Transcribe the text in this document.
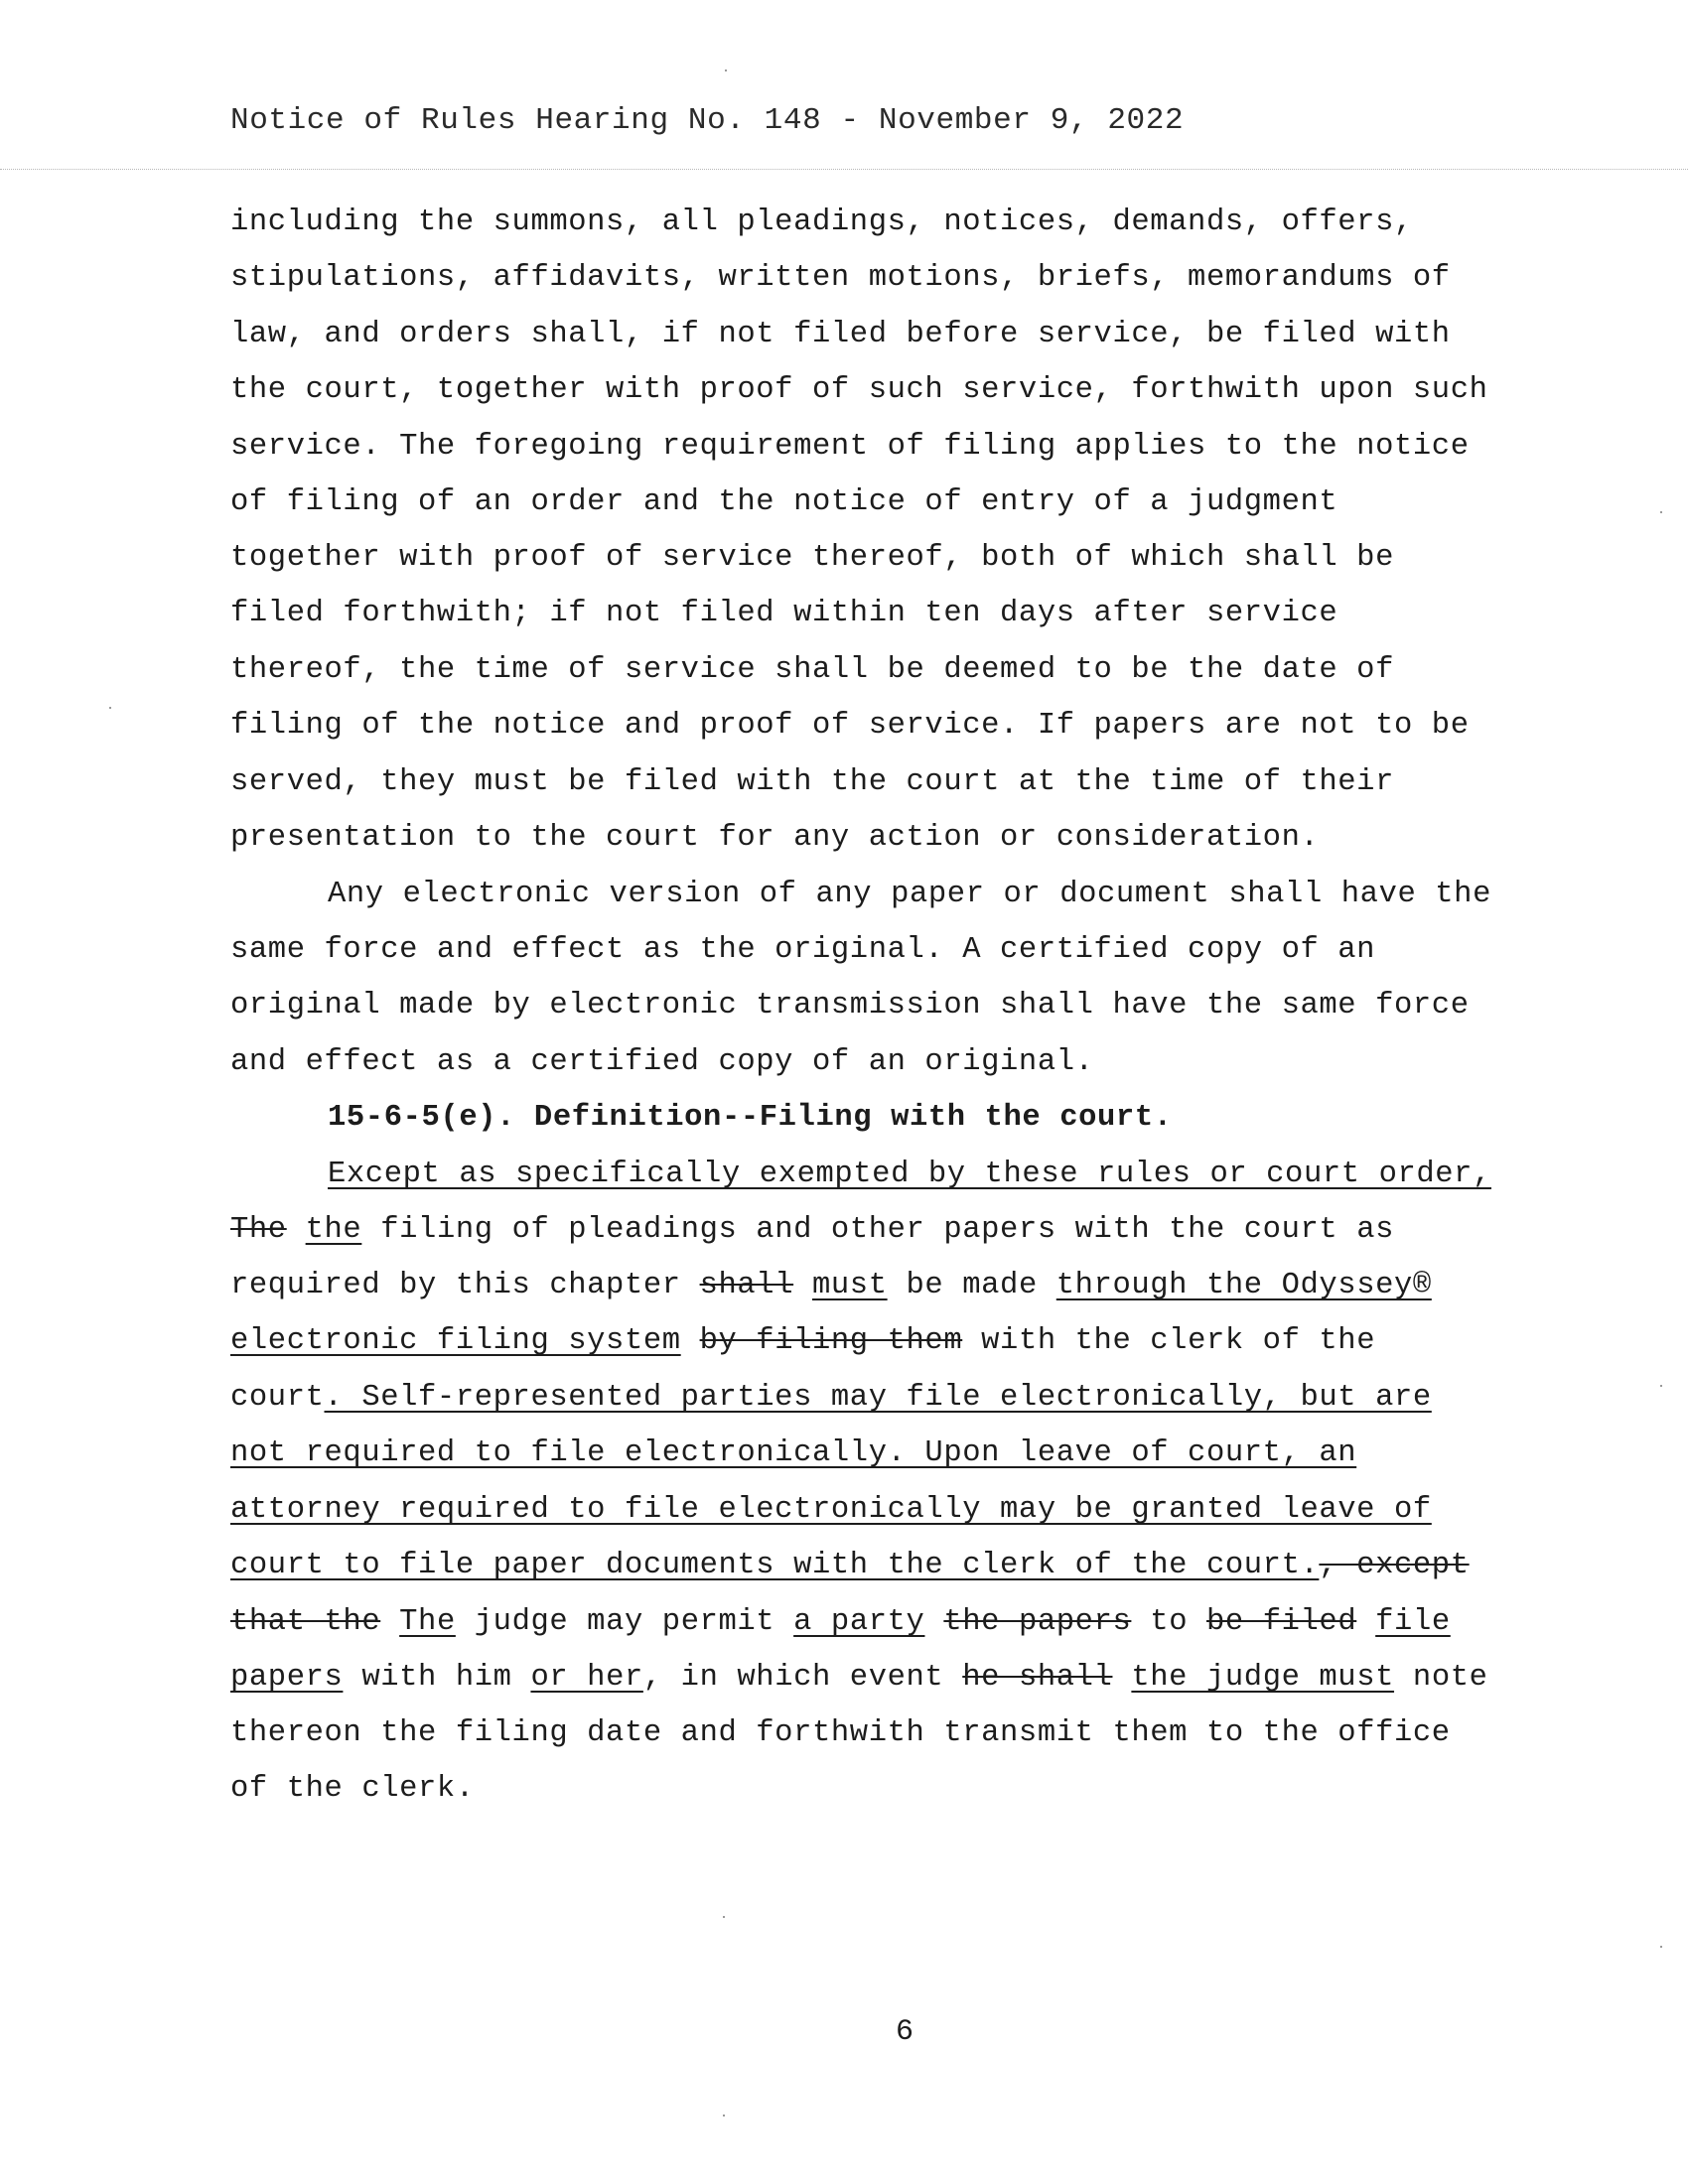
Notice of Rules Hearing No. 148 - November 9, 2022
including the summons, all pleadings, notices, demands, offers,
stipulations, affidavits, written motions, briefs, memorandums of
law, and orders shall, if not filed before service, be filed with
the court, together with proof of such service, forthwith upon such
service. The foregoing requirement of filing applies to the notice
of filing of an order and the notice of entry of a judgment
together with proof of service thereof, both of which shall be
filed forthwith; if not filed within ten days after service
thereof, the time of service shall be deemed to be the date of
filing of the notice and proof of service. If papers are not to be
served, they must be filed with the court at the time of their
presentation to the court for any action or consideration.
Any electronic version of any paper or document shall have the
same force and effect as the original. A certified copy of an
original made by electronic transmission shall have the same force
and effect as a certified copy of an original.
15-6-5(e). Definition--Filing with the court.
Except as specifically exempted by these rules or court order,
The the filing of pleadings and other papers with the court as
required by this chapter shall must be made through the Odyssey®
electronic filing system by filing them with the clerk of the
court. Self-represented parties may file electronically, but are
not required to file electronically. Upon leave of court, an
attorney required to file electronically may be granted leave of
court to file paper documents with the clerk of the court., except
that the The judge may permit a party the papers to be filed file
papers with him or her, in which event he shall the judge must note
thereon the filing date and forthwith transmit them to the office
of the clerk.
6
